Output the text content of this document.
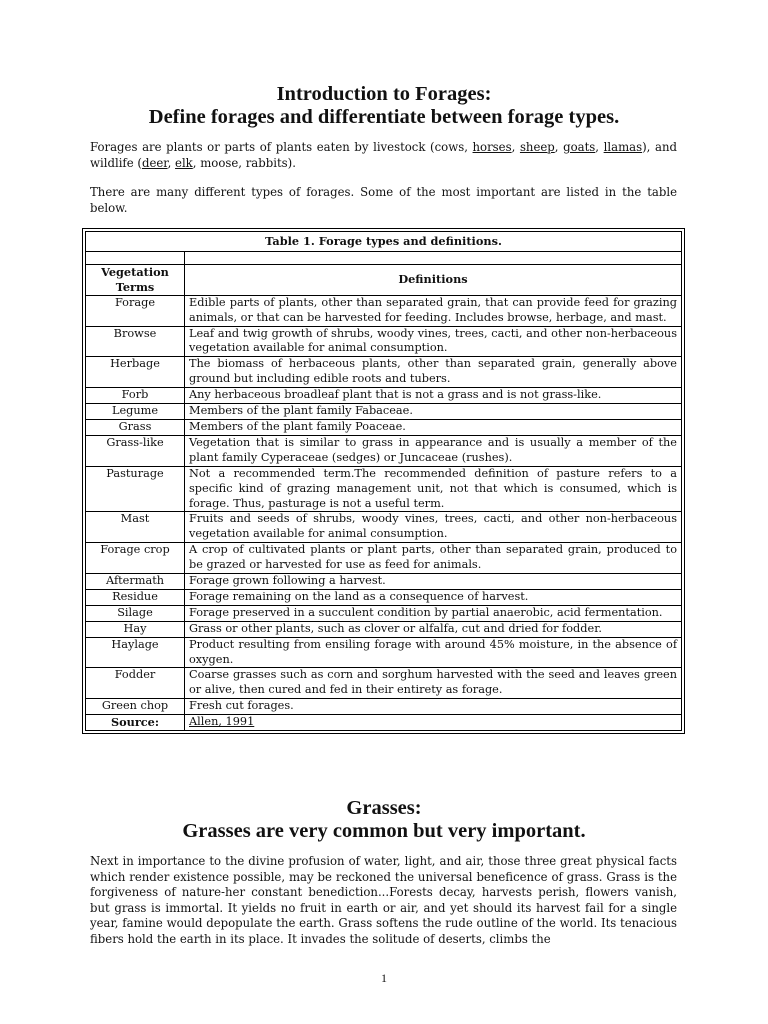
Introduction to Forages:
Define forages and differentiate between forage types.

Forages are plants or parts of plants eaten by livestock (cows, horses, sheep, goats, llamas), and wildlife (deer, elk, moose, rabbits).

There are many different types of forages. Some of the most important are listed in the table below.

Table 1. Forage types and definitions.	

Vegetation Terms	Definitions
Forage	Edible parts of plants, other than separated grain, that can provide feed for grazing animals, or that can be harvested for feeding. Includes browse, herbage, and mast.
Browse	Leaf and twig growth of shrubs, woody vines, trees, cacti, and other non-herbaceous vegetation available for animal consumption.
Herbage	The biomass of herbaceous plants, other than separated grain, generally above ground but including edible roots and tubers.
Forb	Any herbaceous broadleaf plant that is not a grass and is not grass-like.
Legume	Members of the plant family Fabaceae.
Grass	Members of the plant family Poaceae.
Grass-like	Vegetation that is similar to grass in appearance and is usually a member of the plant family Cyperaceae (sedges) or Juncaceae (rushes).
Pasturage	Not a recommended term.The recommended definition of pasture refers to a specific kind of grazing management unit, not that which is consumed, which is forage. Thus, pasturage is not a useful term.
Mast	Fruits and seeds of shrubs, woody vines, trees, cacti, and other non-herbaceous vegetation available for animal consumption.
Forage crop	A crop of cultivated plants or plant parts, other than separated grain, produced to be grazed or harvested for use as feed for animals.
Aftermath	Forage grown following a harvest.
Residue	Forage remaining on the land as a consequence of harvest.
Silage	Forage preserved in a succulent condition by partial anaerobic, acid fermentation.
Hay	Grass or other plants, such as clover or alfalfa, cut and dried for fodder.
Haylage	Product resulting from ensiling forage with around 45% moisture, in the absence of oxygen.
Fodder	Coarse grasses such as corn and sorghum harvested with the seed and leaves green or alive, then cured and fed in their entirety as forage.
Green chop	Fresh cut forages.
Source:	Allen, 1991
Grasses:
Grasses are very common but very important.

Next in importance to the divine profusion of water, light, and air, those three great physical facts which render existence possible, may be reckoned the universal beneficence of grass. Grass is the forgiveness of nature-her constant benediction...Forests decay, harvests perish, flowers vanish, but grass is immortal. It yields no fruit in earth or air, and yet should its harvest fail for a single year, famine would depopulate the earth. Grass softens the rude outline of the world. Its tenacious fibers hold the earth in its place. It invades the solitude of deserts, climbs the

1
